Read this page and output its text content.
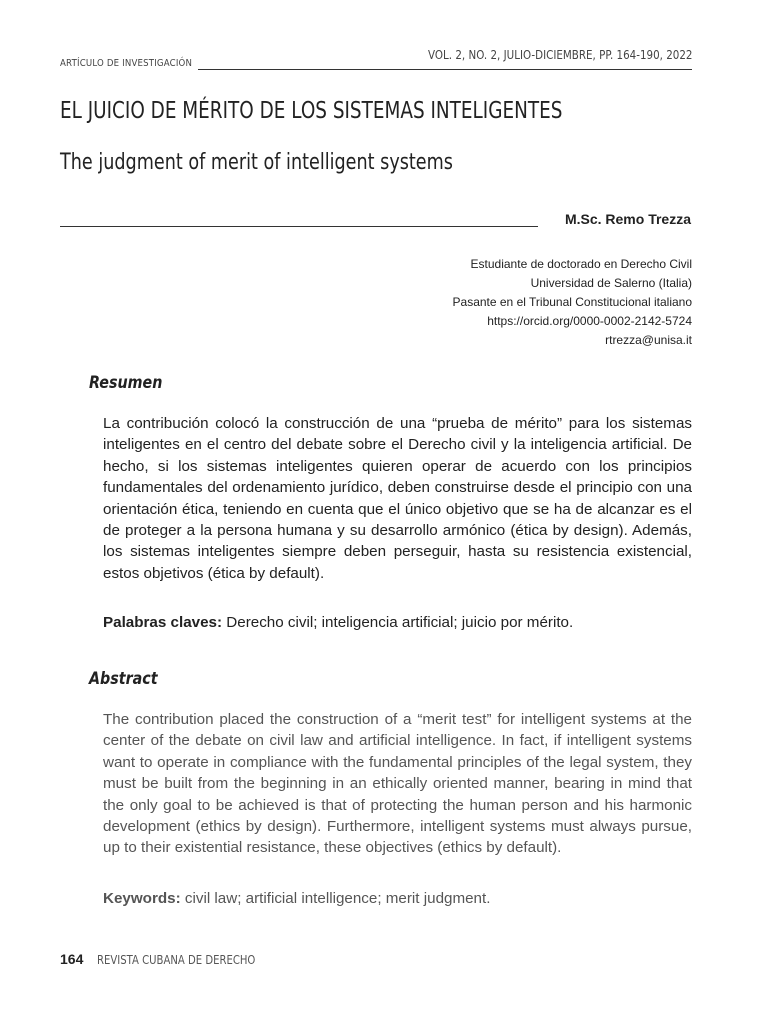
ARTÍCULO DE INVESTIGACIÓN
VOL. 2, NO. 2, JULIO-DICIEMBRE, PP. 164-190, 2022
EL JUICIO DE MÉRITO DE LOS SISTEMAS INTELIGENTES
The judgment of merit of intelligent systems
M.Sc. Remo Trezza
Estudiante de doctorado en Derecho Civil
Universidad de Salerno (Italia)
Pasante en el Tribunal Constitucional italiano
https://orcid.org/0000-0002-2142-5724
rtrezza@unisa.it
Resumen

La contribución colocó la construcción de una “prueba de mérito” para los sistemas inteligentes en el centro del debate sobre el Derecho civil y la inteligencia artificial. De hecho, si los sistemas inteligentes quieren operar de acuerdo con los principios fundamentales del ordenamiento jurídico, deben construirse desde el principio con una orientación ética, teniendo en cuenta que el único objetivo que se ha de alcanzar es el de proteger a la persona humana y su desarrollo armónico (ética by design). Además, los sistemas inteligentes siempre deben perseguir, hasta su resistencia existencial, estos objetivos (ética by default).

Palabras claves: Derecho civil; inteligencia artificial; juicio por mérito.
Abstract

The contribution placed the construction of a “merit test” for intelligent systems at the center of the debate on civil law and artificial intelligence. In fact, if intelligent systems want to operate in compliance with the fundamental principles of the legal system, they must be built from the beginning in an ethically oriented manner, bearing in mind that the only goal to be achieved is that of protecting the human person and his harmonic development (ethics by design). Furthermore, intelligent systems must always pursue, up to their existential resistance, these objectives (ethics by default).

Keywords: civil law; artificial intelligence; merit judgment.
164 REVISTA CUBANA DE DERECHO
